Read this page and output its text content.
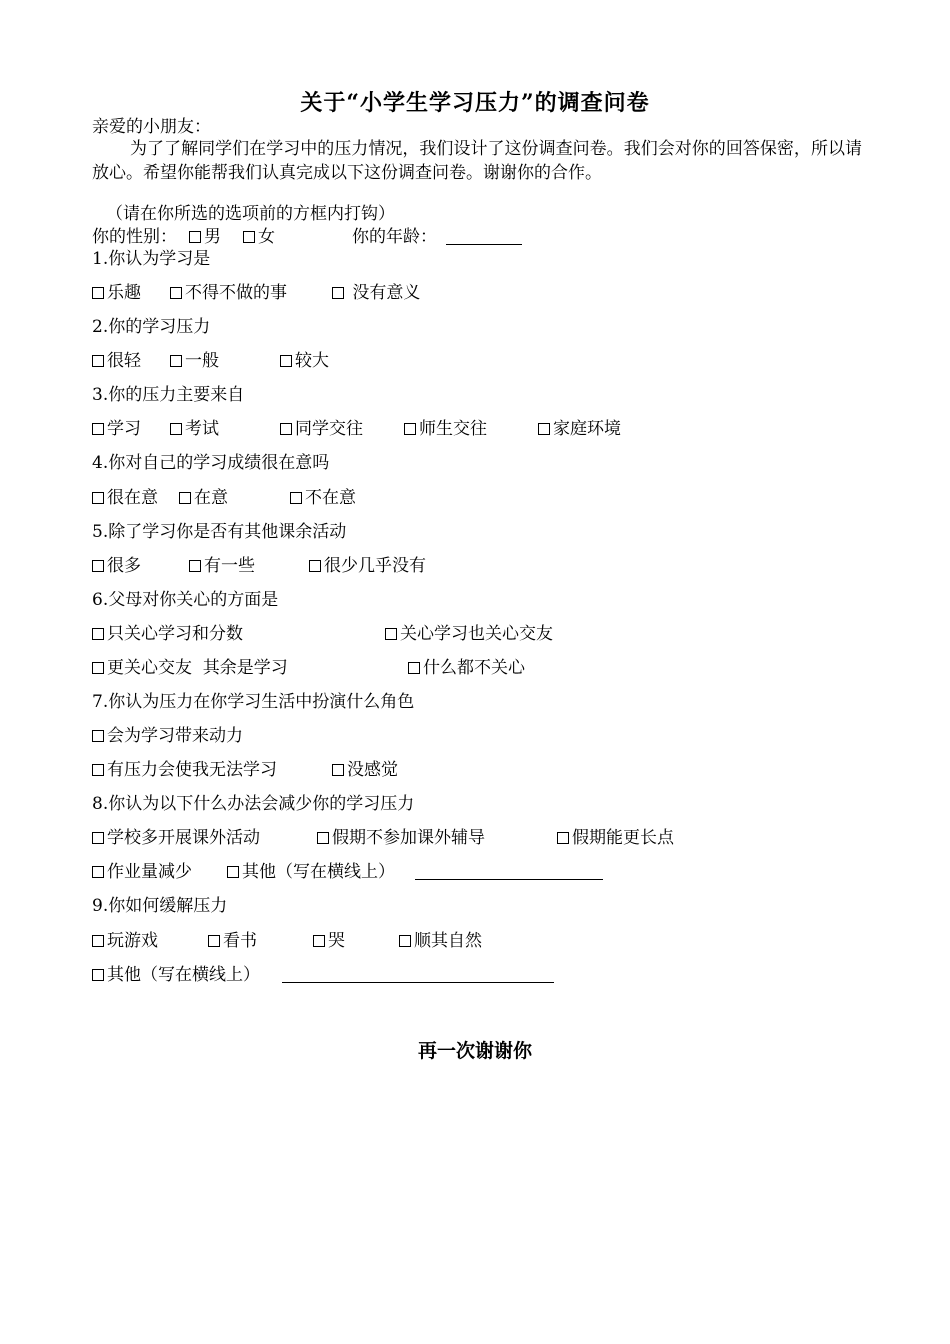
关于“小学生学习压力”的调查问卷
亲爱的小朋友：
为了了解同学们在学习中的压力情况，我们设计了这份调查问卷。我们会对你的回答保密，所以请放心。希望你能帮我们认真完成以下这份调查问卷。谢谢你的合作。
（请在你所选的选项前的方框内打钩）
你的性别：	男	女	你的年龄：
1.你认为学习是
乐趣	不得不做的事	没有意义
2.你的学习压力
很轻	一般	较大
3.你的压力主要来自
学习	考试	同学交往	师生交往	家庭环境
4.你对自己的学习成绩很在意吗
很在意	在意	不在意
5.除了学习你是否有其他课余活动
很多	有一些	很少几乎没有
6.父母对你关心的方面是
只关心学习和分数	关心学习也关心交友
更关心交友  其余是学习	什么都不关心
7.你认为压力在你学习生活中扮演什么角色
会为学习带来动力
有压力会使我无法学习	没感觉
8.你认为以下什么办法会减少你的学习压力
学校多开展课外活动	假期不参加课外辅导	假期能更长点
作业量减少	其他（写在横线上）
9.你如何缓解压力
玩游戏	看书	哭	顺其自然
其他（写在横线上）
再一次谢谢你
